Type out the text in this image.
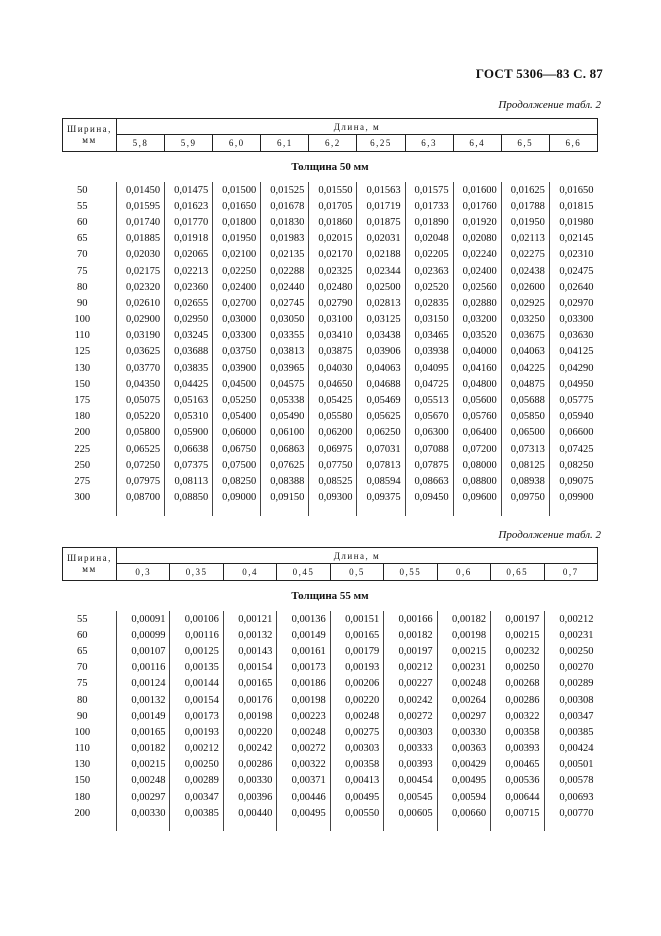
ГОСТ 5306—83 С. 87
Продолжение табл. 2
Ширина,
мм	Длина, м									
	5,8	5,9	6,0	6,1	6,2	6,25	6,3	6,4	6,5	6,6
Толщина 50 мм										
50	0,01450	0,01475	0,01500	0,01525	0,01550	0,01563	0,01575	0,01600	0,01625	0,01650
55	0,01595	0,01623	0,01650	0,01678	0,01705	0,01719	0,01733	0,01760	0,01788	0,01815
60	0,01740	0,01770	0,01800	0,01830	0,01860	0,01875	0,01890	0,01920	0,01950	0,01980
65	0,01885	0,01918	0,01950	0,01983	0,02015	0,02031	0,02048	0,02080	0,02113	0,02145
70	0,02030	0,02065	0,02100	0,02135	0,02170	0,02188	0,02205	0,02240	0,02275	0,02310
75	0,02175	0,02213	0,02250	0,02288	0,02325	0,02344	0,02363	0,02400	0,02438	0,02475
80	0,02320	0,02360	0,02400	0,02440	0,02480	0,02500	0,02520	0,02560	0,02600	0,02640
90	0,02610	0,02655	0,02700	0,02745	0,02790	0,02813	0,02835	0,02880	0,02925	0,02970
100	0,02900	0,02950	0,03000	0,03050	0,03100	0,03125	0,03150	0,03200	0,03250	0,03300
110	0,03190	0,03245	0,03300	0,03355	0,03410	0,03438	0,03465	0,03520	0,03675	0,03630
125	0,03625	0,03688	0,03750	0,03813	0,03875	0,03906	0,03938	0,04000	0,04063	0,04125
130	0,03770	0,03835	0,03900	0,03965	0,04030	0,04063	0,04095	0,04160	0,04225	0,04290
150	0,04350	0,04425	0,04500	0,04575	0,04650	0,04688	0,04725	0,04800	0,04875	0,04950
175	0,05075	0,05163	0,05250	0,05338	0,05425	0,05469	0,05513	0,05600	0,05688	0,05775
180	0,05220	0,05310	0,05400	0,05490	0,05580	0,05625	0,05670	0,05760	0,05850	0,05940
200	0,05800	0,05900	0,06000	0,06100	0,06200	0,06250	0,06300	0,06400	0,06500	0,06600
225	0,06525	0,06638	0,06750	0,06863	0,06975	0,07031	0,07088	0,07200	0,07313	0,07425
250	0,07250	0,07375	0,07500	0,07625	0,07750	0,07813	0,07875	0,08000	0,08125	0,08250
275	0,07975	0,08113	0,08250	0,08388	0,08525	0,08594	0,08663	0,08800	0,08938	0,09075
300	0,08700	0,08850	0,09000	0,09150	0,09300	0,09375	0,09450	0,09600	0,09750	0,09900

Продолжение табл. 2
Ширина,
мм	Длина, м								
	0,3	0,35	0,4	0,45	0,5	0,55	0,6	0,65	0,7
Толщина 55 мм									
55	0,00091	0,00106	0,00121	0,00136	0,00151	0,00166	0,00182	0,00197	0,00212
60	0,00099	0,00116	0,00132	0,00149	0,00165	0,00182	0,00198	0,00215	0,00231
65	0,00107	0,00125	0,00143	0,00161	0,00179	0,00197	0,00215	0,00232	0,00250
70	0,00116	0,00135	0,00154	0,00173	0,00193	0,00212	0,00231	0,00250	0,00270
75	0,00124	0,00144	0,00165	0,00186	0,00206	0,00227	0,00248	0,00268	0,00289
80	0,00132	0,00154	0,00176	0,00198	0,00220	0,00242	0,00264	0,00286	0,00308
90	0,00149	0,00173	0,00198	0,00223	0,00248	0,00272	0,00297	0,00322	0,00347
100	0,00165	0,00193	0,00220	0,00248	0,00275	0,00303	0,00330	0,00358	0,00385
110	0,00182	0,00212	0,00242	0,00272	0,00303	0,00333	0,00363	0,00393	0,00424
130	0,00215	0,00250	0,00286	0,00322	0,00358	0,00393	0,00429	0,00465	0,00501
150	0,00248	0,00289	0,00330	0,00371	0,00413	0,00454	0,00495	0,00536	0,00578
180	0,00297	0,00347	0,00396	0,00446	0,00495	0,00545	0,00594	0,00644	0,00693
200	0,00330	0,00385	0,00440	0,00495	0,00550	0,00605	0,00660	0,00715	0,00770
